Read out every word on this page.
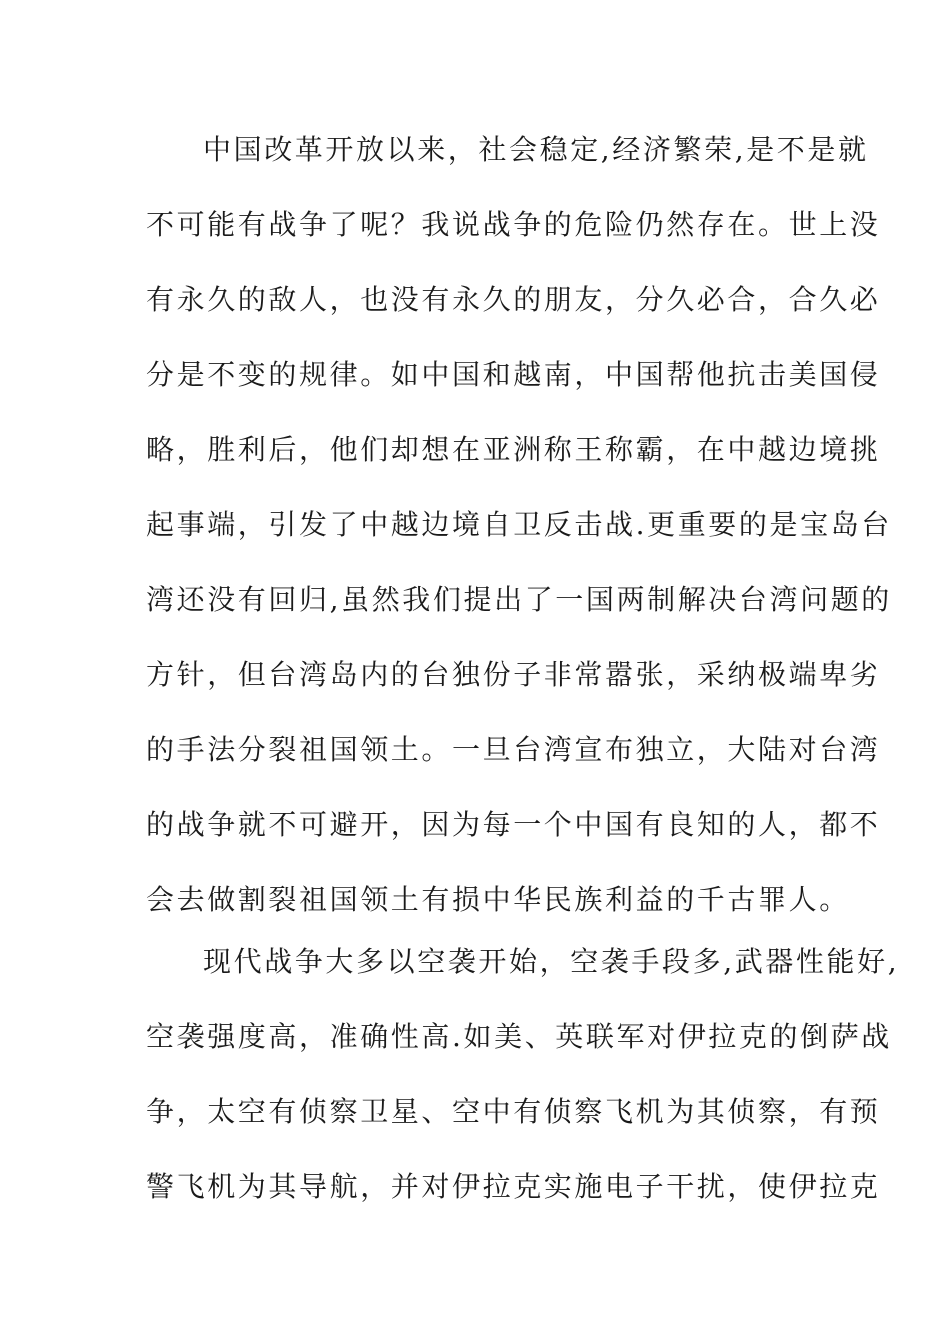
中国改革开放以来，社会稳定,经济繁荣,是不是就
不可能有战争了呢？我说战争的危险仍然存在。世上没
有永久的敌人，也没有永久的朋友，分久必合，合久必
分是不变的规律。如中国和越南，中国帮他抗击美国侵
略，胜利后，他们却想在亚洲称王称霸，在中越边境挑
起事端，引发了中越边境自卫反击战.更重要的是宝岛台
湾还没有回归,虽然我们提出了一国两制解决台湾问题的
方针，但台湾岛内的台独份子非常嚣张，采纳极端卑劣
的手法分裂祖国领土。一旦台湾宣布独立，大陆对台湾
的战争就不可避开，因为每一个中国有良知的人，都不
会去做割裂祖国领土有损中华民族利益的千古罪人。
现代战争大多以空袭开始，空袭手段多,武器性能好,
空袭强度高，准确性高.如美、英联军对伊拉克的倒萨战
争，太空有侦察卫星、空中有侦察飞机为其侦察，有预
警飞机为其导航，并对伊拉克实施电子干扰，使伊拉克
